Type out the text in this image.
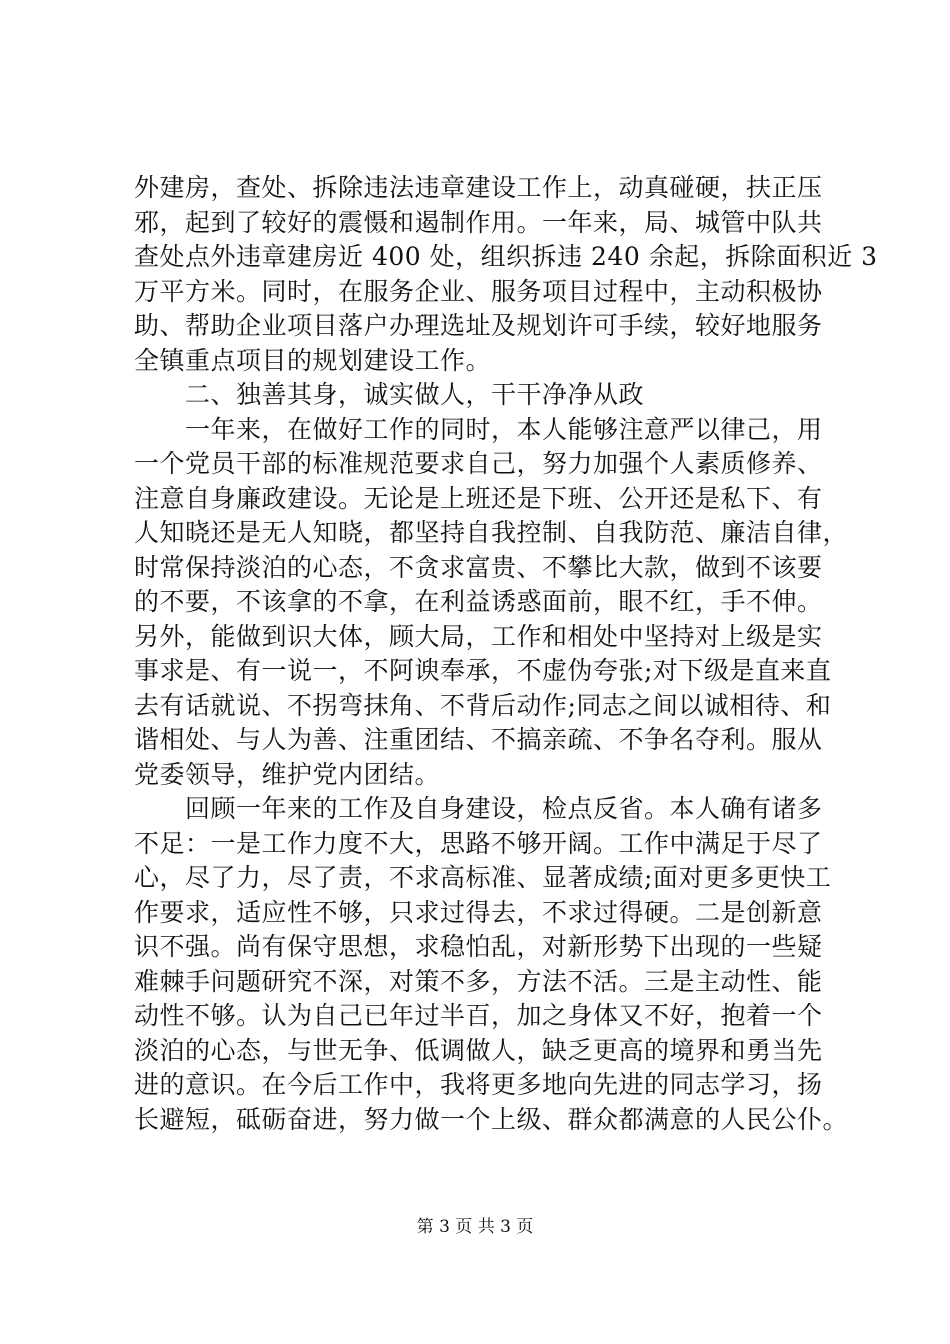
外建房，查处、拆除违法违章建设工作上，动真碰硬，扶正压
邪，起到了较好的震慑和遏制作用。一年来，局、城管中队共
查处点外违章建房近 400 处，组织拆违 240 余起，拆除面积近 3
万平方米。同时，在服务企业、服务项目过程中，主动积极协
助、帮助企业项目落户办理选址及规划许可手续，较好地服务
全镇重点项目的规划建设工作。
　　二、独善其身，诚实做人，干干净净从政
　　一年来，在做好工作的同时，本人能够注意严以律己，用
一个党员干部的标准规范要求自己，努力加强个人素质修养、
注意自身廉政建设。无论是上班还是下班、公开还是私下、有
人知晓还是无人知晓，都坚持自我控制、自我防范、廉洁自律，
时常保持淡泊的心态，不贪求富贵、不攀比大款，做到不该要
的不要，不该拿的不拿，在利益诱惑面前，眼不红，手不伸。
另外，能做到识大体，顾大局，工作和相处中坚持对上级是实
事求是、有一说一，不阿谀奉承，不虚伪夸张;对下级是直来直
去有话就说、不拐弯抹角、不背后动作;同志之间以诚相待、和
谐相处、与人为善、注重团结、不搞亲疏、不争名夺利。服从
党委领导，维护党内团结。
　　回顾一年来的工作及自身建设，检点反省。本人确有诸多
不足：一是工作力度不大，思路不够开阔。工作中满足于尽了
心，尽了力，尽了责，不求高标准、显著成绩;面对更多更快工
作要求，适应性不够，只求过得去，不求过得硬。二是创新意
识不强。尚有保守思想，求稳怕乱，对新形势下出现的一些疑
难棘手问题研究不深，对策不多，方法不活。三是主动性、能
动性不够。认为自己已年过半百，加之身体又不好，抱着一个
淡泊的心态，与世无争、低调做人，缺乏更高的境界和勇当先
进的意识。在今后工作中，我将更多地向先进的同志学习，扬
长避短，砥砺奋进，努力做一个上级、群众都满意的人民公仆。
第 3 页 共 3 页
